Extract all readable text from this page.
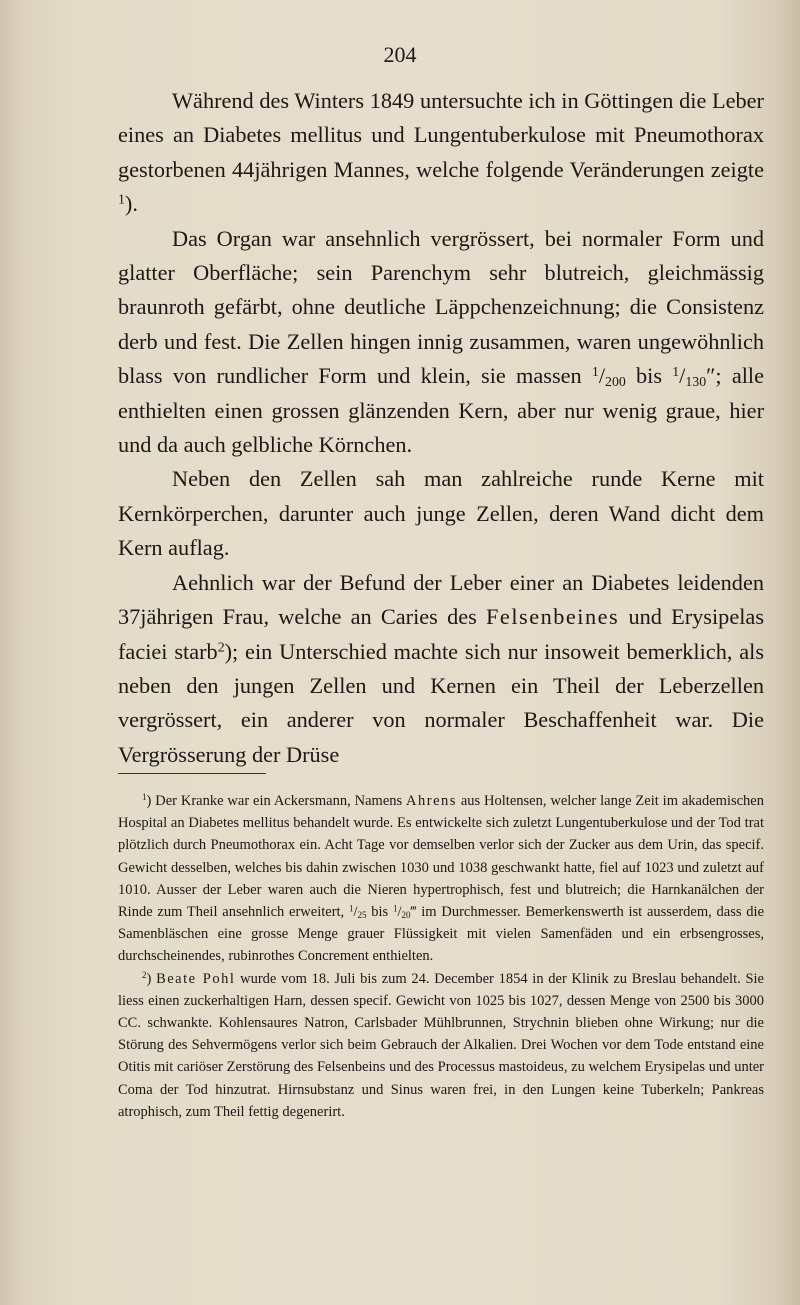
204

Während des Winters 1849 untersuchte ich in Göttingen die Leber eines an Diabetes mellitus und Lungentuberkulose mit Pneumothorax gestorbenen 44jährigen Mannes, welche folgende Veränderungen zeigte $^1$).

Das Organ war ansehnlich vergrössert, bei normaler Form und glatter Oberfläche; sein Parenchym sehr blutreich, gleichmässig braunroth gefärbt, ohne deutliche Läppchenzeichnung; die Consistenz derb und fest. Die Zellen hingen innig zusammen, waren ungewöhnlich blass von rundlicher Form und klein, sie massen $^1/_{200}$ bis $^1/_{130}''$; alle enthielten einen grossen glänzenden Kern, aber nur wenig graue, hier und da auch gelbliche Körnchen.

Neben den Zellen sah man zahlreiche runde Kerne mit Kernkörperchen, darunter auch junge Zellen, deren Wand dicht dem Kern auflag.

Aehnlich war der Befund der Leber einer an Diabetes leidenden 37jährigen Frau, welche an Caries des Felsenbeines und Erysipelas faciei starb$^2$); ein Unterschied machte sich nur insoweit bemerklich, als neben den jungen Zellen und Kernen ein Theil der Leberzellen vergrössert, ein anderer von normaler Beschaffenheit war. Die Vergrösserung der Drüse

$^1$) Der Kranke war ein Ackersmann, Namens Ahrens aus Holtensen, welcher lange Zeit im akademischen Hospital an Diabetes mellitus behandelt wurde. Es entwickelte sich zuletzt Lungentuberkulose und der Tod trat plötzlich durch Pneumothorax ein. Acht Tage vor demselben verlor sich der Zucker aus dem Urin, das specif. Gewicht desselben, welches bis dahin zwischen 1030 und 1038 geschwankt hatte, fiel auf 1023 und zuletzt auf 1010. Ausser der Leber waren auch die Nieren hypertrophisch, fest und blutreich; die Harnkanälchen der Rinde zum Theil ansehnlich erweitert, $^1/_{25}$ bis $^1/_{20}‴$ im Durchmesser. Bemerkenswerth ist ausserdem, dass die Samenbläschen eine grosse Menge grauer Flüssigkeit mit vielen Samenfäden und ein erbsengrosses, durchscheinendes, rubinrothes Concrement enthielten.

$^2$) Beate Pohl wurde vom 18. Juli bis zum 24. December 1854 in der Klinik zu Breslau behandelt. Sie liess einen zuckerhaltigen Harn, dessen specif. Gewicht von 1025 bis 1027, dessen Menge von 2500 bis 3000 CC. schwankte. Kohlensaures Natron, Carlsbader Mühlbrunnen, Strychnin blieben ohne Wirkung; nur die Störung des Sehvermögens verlor sich beim Gebrauch der Alkalien. Drei Wochen vor dem Tode entstand eine Otitis mit cariöser Zerstörung des Felsenbeins und des Processus mastoideus, zu welchem Erysipelas und unter Coma der Tod hinzutrat. Hirnsubstanz und Sinus waren frei, in den Lungen keine Tuberkeln; Pankreas atrophisch, zum Theil fettig degenerirt.
